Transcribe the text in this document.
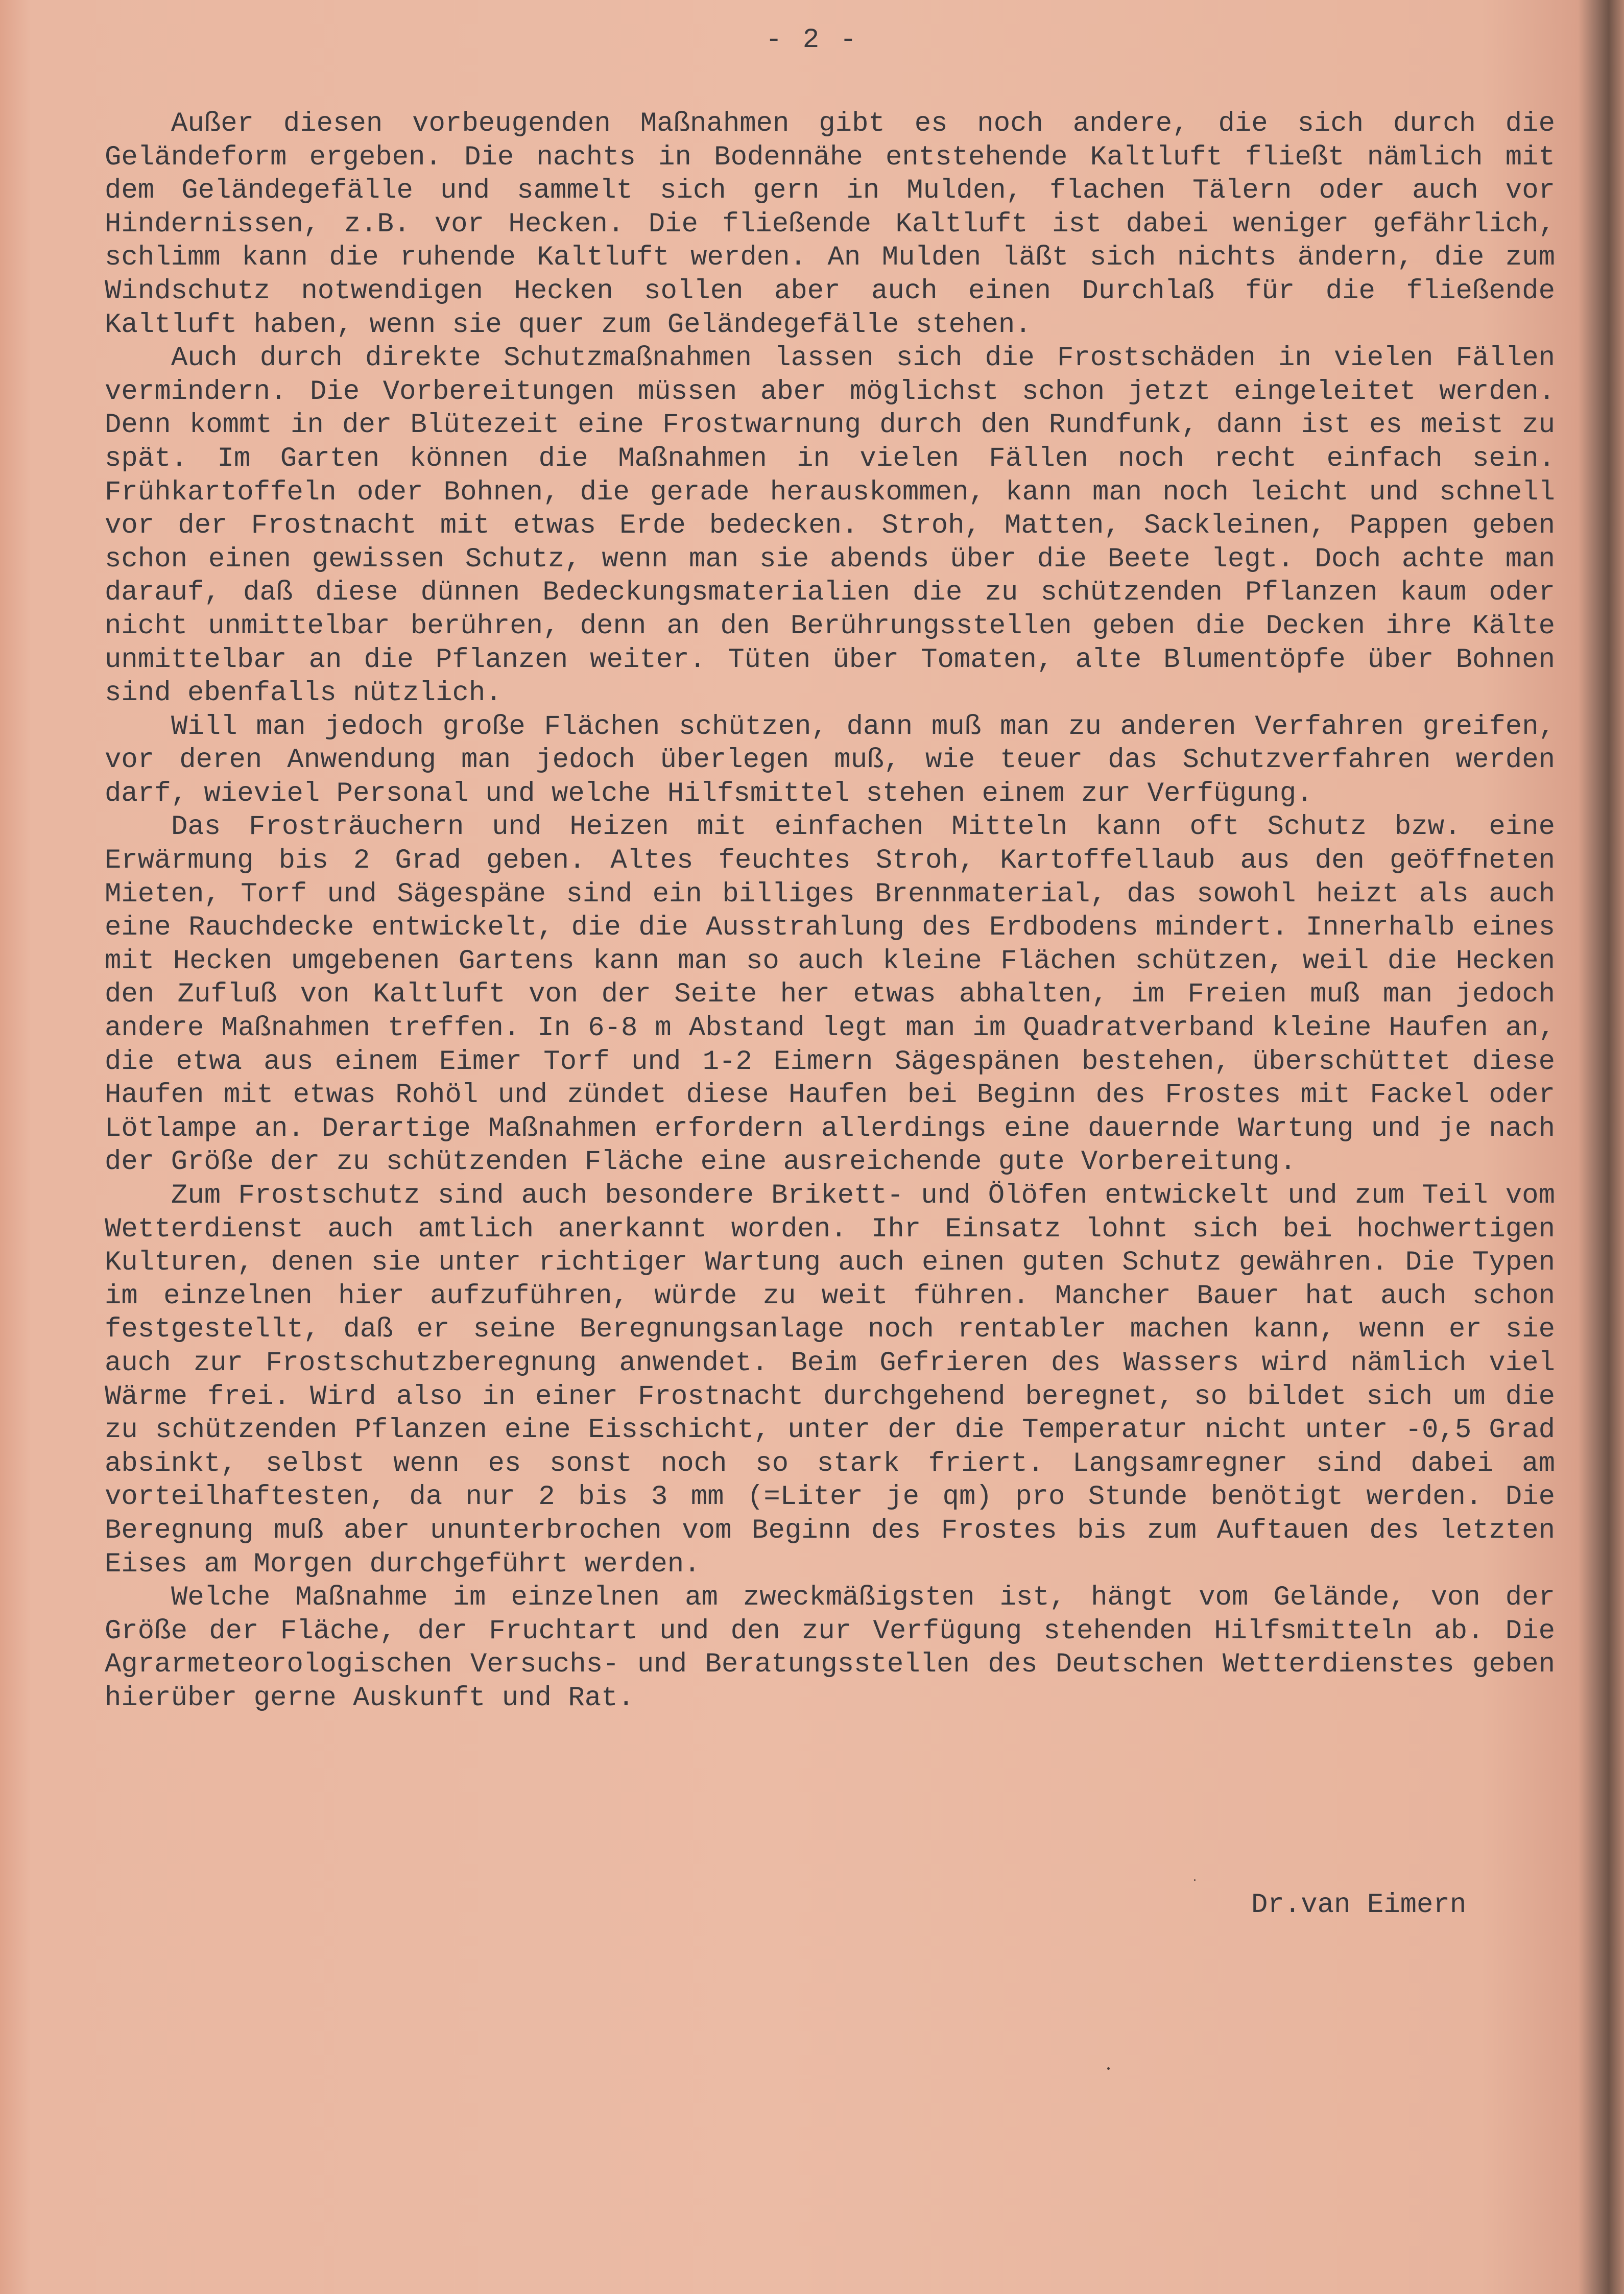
- 2 -

Außer diesen vorbeugenden Maßnahmen gibt es noch andere, die sich durch die Geländeform ergeben. Die nachts in Bodennähe entstehende Kaltluft fließt nämlich mit dem Geländegefälle und sammelt sich gern in Mulden, flachen Tälern oder auch vor Hindernissen, z.B. vor Hecken. Die fließende Kaltluft ist dabei weniger gefährlich, schlimm kann die ruhende Kaltluft werden. An Mulden läßt sich nichts ändern, die zum Windschutz notwendigen Hecken sollen aber auch einen Durchlaß für die fließende Kaltluft haben, wenn sie quer zum Geländegefälle stehen.

Auch durch direkte Schutzmaßnahmen lassen sich die Frostschäden in vielen Fällen vermindern. Die Vorbereitungen müssen aber möglichst schon jetzt eingeleitet werden. Denn kommt in der Blütezeit eine Frostwarnung durch den Rundfunk, dann ist es meist zu spät. Im Garten können die Maßnahmen in vielen Fällen noch recht einfach sein. Frühkartoffeln oder Bohnen, die gerade herauskommen, kann man noch leicht und schnell vor der Frostnacht mit etwas Erde bedecken. Stroh, Matten, Sackleinen, Pappen geben schon einen gewissen Schutz, wenn man sie abends über die Beete legt. Doch achte man darauf, daß diese dünnen Bedeckungsmaterialien die zu schützenden Pflanzen kaum oder nicht unmittelbar berühren, denn an den Berührungsstellen geben die Decken ihre Kälte unmittelbar an die Pflanzen weiter. Tüten über Tomaten, alte Blumentöpfe über Bohnen sind ebenfalls nützlich.

Will man jedoch große Flächen schützen, dann muß man zu anderen Verfahren greifen, vor deren Anwendung man jedoch überlegen muß, wie teuer das Schutzverfahren werden darf, wieviel Personal und welche Hilfsmittel stehen einem zur Verfügung.

Das Frosträuchern und Heizen mit einfachen Mitteln kann oft Schutz bzw. eine Erwärmung bis 2 Grad geben. Altes feuchtes Stroh, Kartoffellaub aus den geöffneten Mieten, Torf und Sägespäne sind ein billiges Brennmaterial, das sowohl heizt als auch eine Rauchdecke entwickelt, die die Ausstrahlung des Erdbodens mindert. Innerhalb eines mit Hecken umgebenen Gartens kann man so auch kleine Flächen schützen, weil die Hecken den Zufluß von Kaltluft von der Seite her etwas abhalten, im Freien muß man jedoch andere Maßnahmen treffen. In 6-8 m Abstand legt man im Quadratverband kleine Haufen an, die etwa aus einem Eimer Torf und 1-2 Eimern Sägespänen bestehen, überschüttet diese Haufen mit etwas Rohöl und zündet diese Haufen bei Beginn des Frostes mit Fackel oder Lötlampe an. Derartige Maßnahmen erfordern allerdings eine dauernde Wartung und je nach der Größe der zu schützenden Fläche eine ausreichende gute Vorbereitung.

Zum Frostschutz sind auch besondere Brikett- und Ölöfen entwickelt und zum Teil vom Wetterdienst auch amtlich anerkannt worden. Ihr Einsatz lohnt sich bei hochwertigen Kulturen, denen sie unter richtiger Wartung auch einen guten Schutz gewähren. Die Typen im einzelnen hier aufzuführen, würde zu weit führen. Mancher Bauer hat auch schon festgestellt, daß er seine Beregnungsanlage noch rentabler machen kann, wenn er sie auch zur Frostschutzberegnung anwendet. Beim Gefrieren des Wassers wird nämlich viel Wärme frei. Wird also in einer Frostnacht durchgehend beregnet, so bildet sich um die zu schützenden Pflanzen eine Eisschicht, unter der die Temperatur nicht unter -0,5 Grad absinkt, selbst wenn es sonst noch so stark friert. Langsamregner sind dabei am vorteilhaftesten, da nur 2 bis 3 mm (=Liter je qm) pro Stunde benötigt werden. Die Beregnung muß aber ununterbrochen vom Beginn des Frostes bis zum Auftauen des letzten Eises am Morgen durchgeführt werden.

Welche Maßnahme im einzelnen am zweckmäßigsten ist, hängt vom Gelände, von der Größe der Fläche, der Fruchtart und den zur Verfügung stehenden Hilfsmitteln ab. Die Agrarmeteorologischen Versuchs- und Beratungsstellen des Deutschen Wetterdienstes geben hierüber gerne Auskunft und Rat.

Dr.van Eimern
